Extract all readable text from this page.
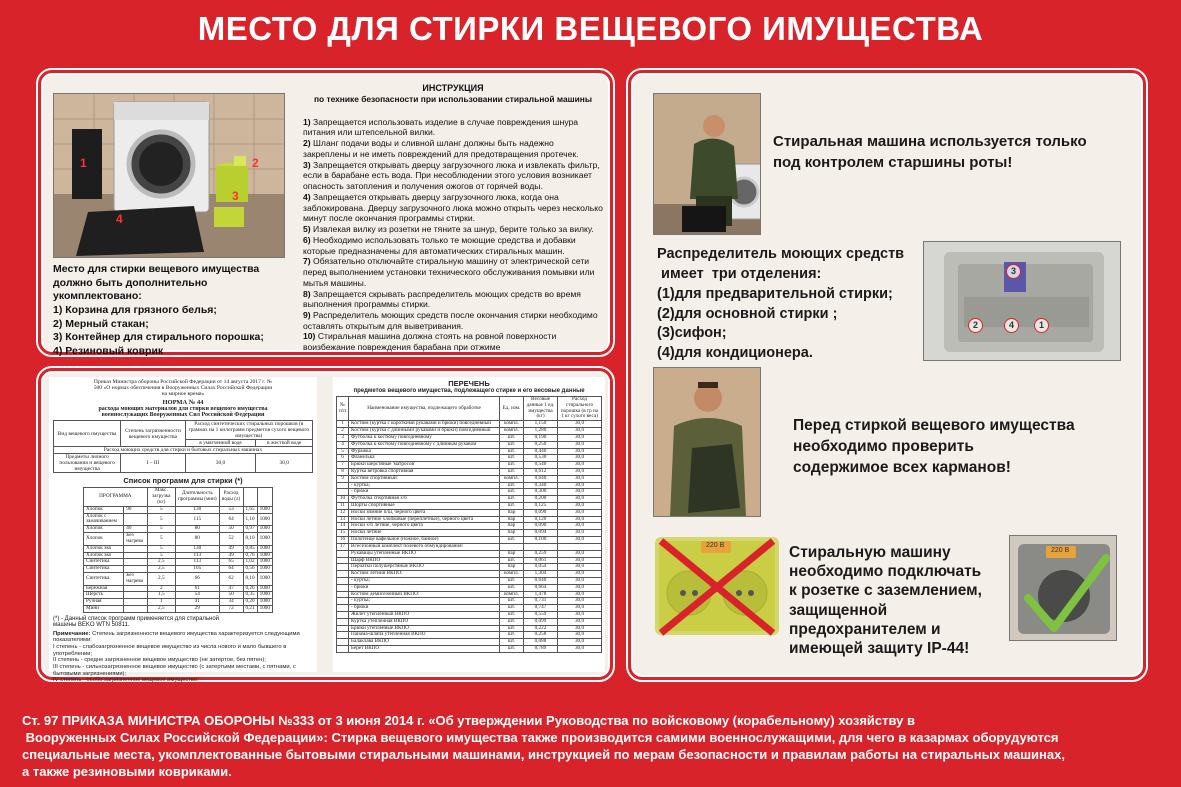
МЕСТО ДЛЯ СТИРКИ ВЕЩЕВОГО ИМУЩЕСТВА
2
3
4
1
Место для стирки вещевого имущества должно быть дополнительно укомплектовано:
1) Корзина для грязного белья;
2) Мерный стакан;
3) Контейнер для стирального порошка;
4) Резиновый коврик
ИНСТРУКЦИЯ
по технике безопасности при использовании стиральной машины
1) Запрещается использовать изделие в случае повреждения шнура питания или штепсельной вилки.
2) Шланг подачи воды и сливной шланг должны быть надежно закреплены и не иметь повреждений для предотвращения протечек.
3) Запрещается открывать дверцу загрузочного люка и извлекать фильтр, если в барабане есть вода. При несоблюдении этого условия возникает опасность затопления и получения ожогов от горячей воды.
4) Запрещается открывать дверцу загрузочного люка, когда она заблокирована. Дверцу загрузочного люка можно открыть через несколько минут после окончания программы стирки.
5) Извлекая вилку из розетки не тяните за шнур, берите только за вилку.
6) Необходимо использовать только те моющие средства и добавки которые предназначены для автоматических стиральных машин.
7) Обязательно отключайте стиральную машину от электрической сети перед выполнением установки технического обслуживания помывки или мытья машины.
8) Запрещается скрывать распределитель моющих средств во время выполнения программы стирки.
9) Распределитель моющих средств после окончания стирки необходимо оставлять открытым для выветривания.
10) Стиральная машина должна стоять на ровной поверхности воизбежание повреждения барабана при отжиме
Приказ Министра обороны Российской Федерации от 14 августа 2017 г. № 500 «О нормах обеспечения в Вооруженных Силах Российской Федерации на мирное время»
НОРМА № 44
расхода моющих материалов для стирки вещевого имущества военнослужащих Вооруженных Сил Российской Федерации
Вид вещевого имущества	Степень загрязненности вещевого имущества	Расход синтетических стиральных порошков (в граммах на 1 килограмм предметов сухого вещевого имущества)	
		в умягченной воде	в жесткой воде
Расход моющих средств для стирки и бытовых стиральных машинах			
Предметы личного пользования и вещевого имущества	I – III	30,0	30,0
Список программ для стирки (*)
ПРОГРАММА		Макс. загрузка (кг)	Длительность программы (мин)	Расход воды (л)		
Хлопок	90	5	130	53	1,65	1000
Хлопок с замачиванием		5	115	64	1,10	1000
Хлопок	40	5	80	50	0,97	1000
Хлопок	Без нагрева	5	80	52	0,10	1000
Хлопок эко		5	130	49	0,85	1000
Хлопок эко		5	113	49	0,76	1000
Синтетика		2,5	113	65	1,02	1000
Синтетика		2,5	105	64	0,56	1000
Синтетика	Без нагрева	2,5	66	62	0,10	1000
Бережная		2	61	47	0,26	1000
Шерсть		1,5	54	50	0,35	1000
Ручная		1	41	34	0,20	1000
Мини		2,5	29	72	0,21	1000
(*) - Данный список программ применяется для стиральной машины BEKO WTN 50811.
Примечание: Степень загрязненности вещевого имущества характеризуется следующими показателями:
I степень - слабозагрязненное вещевое имущество из числа нового и мало бывшего в употреблении;
II степень - средне загрязненное вещевое имущество (не затертое, без пятен);
III степень - сильнозагрязненное вещевое имущество (с затертыми местами, с пятнами, с бытовыми загрязнениями);
IV степень - особо загрязненное вещевое имущество.
ПЕРЕЧЕНЬ
предметов вещевого имущества, подлежащего стирке и его весовые данные
№ п/п	Наименование имущества, подлежащего обработке	Ед. изм.	Весовые данные 1 ед. имущества (кг)	Расход стирального порошка (в гр на 1 кг сухого веса)
1	Костюм (куртка с короткими рукавами и брюки) повседневный	компл.	1,150	30,0
2	Костюм (куртка с длинными рукавами и брюки) повседневный	компл.	1,280	30,0
3	Футболка к костюму повседневному	шт.	0,190	30,0
4	Футболка к костюму повседневному с длинным рукавом	шт.	0,250	30,0
5	Фуражка	шт.	0,440	30,0
6	Фланелька	шт.	0,530	30,0
7	Брюки шерстяные 'матросов'	шт.	0,540	30,0
8	Куртка ветровка спортивная	шт.	0,612	30,0
9	Костюм спортивный:	компл.	0,640	30,0
	- куртка;	шт.	0,340	30,0
	- брюки	шт.	0,300	30,0
10	Футболка спортивная х/б	шт.	0,200	30,0
11	Шорты спортивные	шт.	0,125	30,0
12	Носки зимние п/ш, черного цвета	пар	0,090	30,0
13	Носки летние хлопковые (переплетные), черного цвета	пар	0,120	30,0
14	Носки х/б летние, черного цвета	пар	0,090	30,0
15	Носки летние	пар	0,094	30,0
16	Полотенце вафельное (ножное, банное)	шт.	0,100	30,0
17	Всесезонный комплект полевого обмундирования:			
	Рукавицы утепленные ВКПО	пар	0,259	30,0
	Шарф ВКПО	шт.	0,061	30,0
	Перчатки полушерстяные ВКПО	пар	0,054	30,0
	Костюм летний ВКПО:	компл.	1,304	30,0
	- куртка;	шт.	0,640	30,0
	- брюки	шт.	0,664	30,0
	Костюм демисезонный ВКПО:	компл.	1,478	30,0
	- куртка;	шт.	0,731	30,0
	- брюки	шт.	0,747	30,0
	Жилет утепленный ВКПО	шт.	0,559	30,0
	Куртка утепленная ВКПО	шт.	0,099	30,0
	Брюки утепленные ВКПО	шт.	0,222	30,0
	Панама-шляпа утепленная ВКПО	шт.	0,258	30,0
	Балаклава ВКПО	шт.	0,088	30,0
	Берет ВКПО	шт.	0,789	30,0
Стиральная машина используется только
под контролем старшины роты!
Распределитель моющих средств
имеет  три отделения:
(1)для предварительной стирки;
(2)для основной стирки ;
(3)сифон;
(4)для кондиционера.
3
2	4	1
Перед стиркой вещевого имущества
необходимо проверить
содержимое всех карманов!
220 В
220 В
Стиральную машину
необходимо подключать
к розетке с заземлением,
защищенной
предохранителем и
имеющей защиту IP-44!
Ст. 97 ПРИКАЗА МИНИСТРА ОБОРОНЫ №333 от 3 июня 2014 г. «Об утверждении Руководства по войсковому (корабельному) хозяйству в
Вооруженных Силах Российской Федерации»: Стирка вещевого имущества также производится самими военнослужащими, для чего в казармах оборудуются
специальные места, укомплектованные бытовыми стиральными машинами, инструкцией по мерам безопасности и правилам работы на стиральных машинах,
а также резиновыми ковриками.
